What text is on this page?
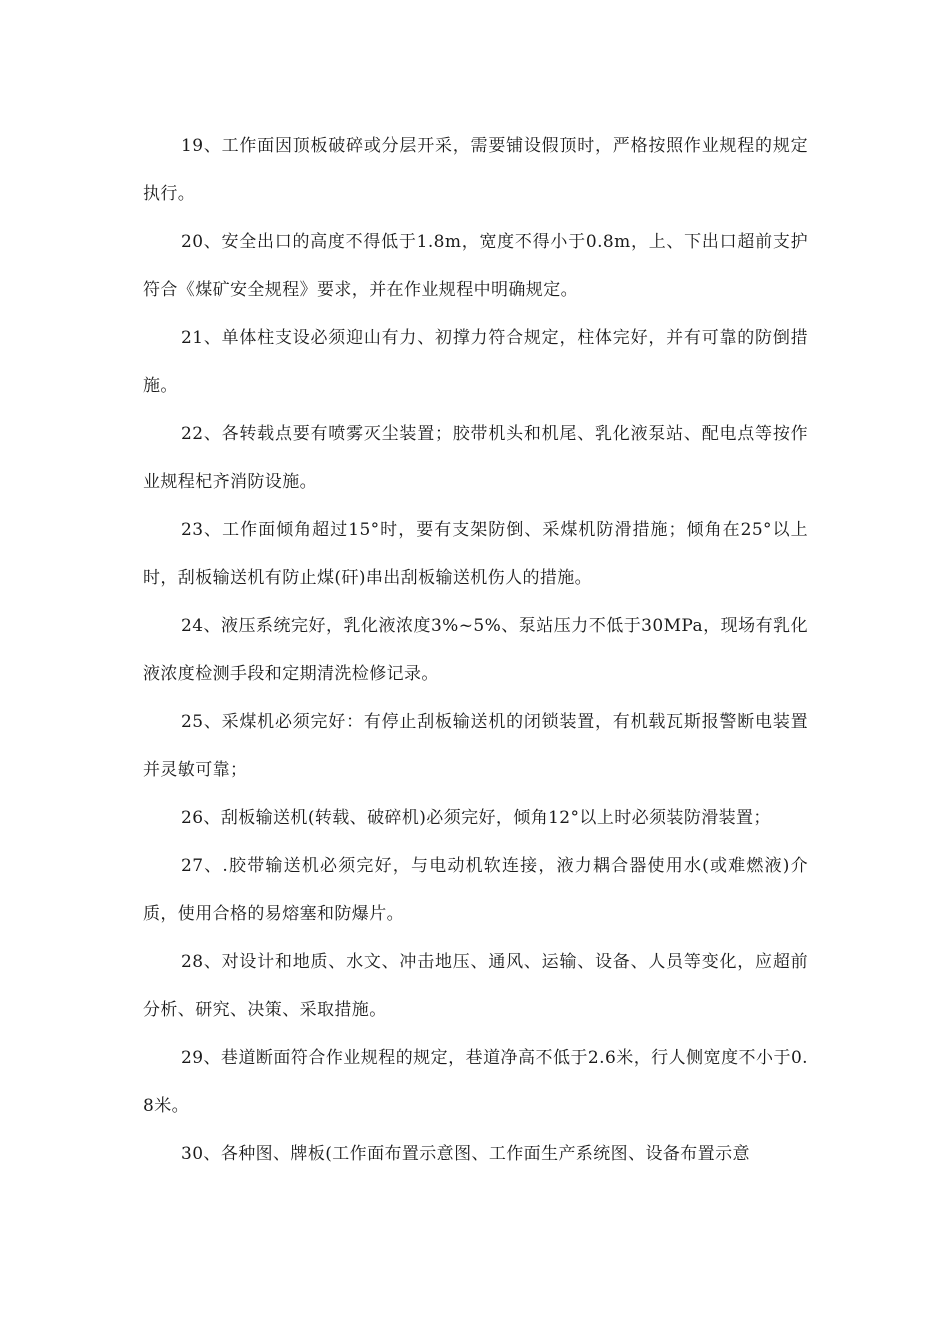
19、工作面因顶板破碎或分层开采，需要铺设假顶时，严格按照作业规程的规定执行。

20、安全出口的高度不得低于1.8m，宽度不得小于0.8m，上、下出口超前支护符合《煤矿安全规程》要求，并在作业规程中明确规定。

21、单体柱支设必须迎山有力、初撑力符合规定，柱体完好，并有可靠的防倒措施。

22、各转载点要有喷雾灭尘装置；胶带机头和机尾、乳化液泵站、配电点等按作业规程杞齐消防设施。

23、工作面倾角超过15°时，要有支架防倒、采煤机防滑措施；倾角在25°以上时，刮板输送机有防止煤(矸)串出刮板输送机伤人的措施。

24、液压系统完好，乳化液浓度3%~5%、泵站压力不低于30MPa，现场有乳化液浓度检测手段和定期清洗检修记录。

25、采煤机必须完好：有停止刮板输送机的闭锁装置，有机载瓦斯报警断电装置并灵敏可靠；

26、刮板输送机(转载、破碎机)必须完好，倾角12°以上时必须装防滑装置；

27、.胶带输送机必须完好，与电动机软连接，液力耦合器使用水(或难燃液)介质，使用合格的易熔塞和防爆片。

28、对设计和地质、水文、冲击地压、通风、运输、设备、人员等变化，应超前分析、研究、决策、采取措施。

29、巷道断面符合作业规程的规定，巷道净高不低于2.6米，行人侧宽度不小于0.8米。

30、各种图、牌板(工作面布置示意图、工作面生产系统图、设备布置示意
